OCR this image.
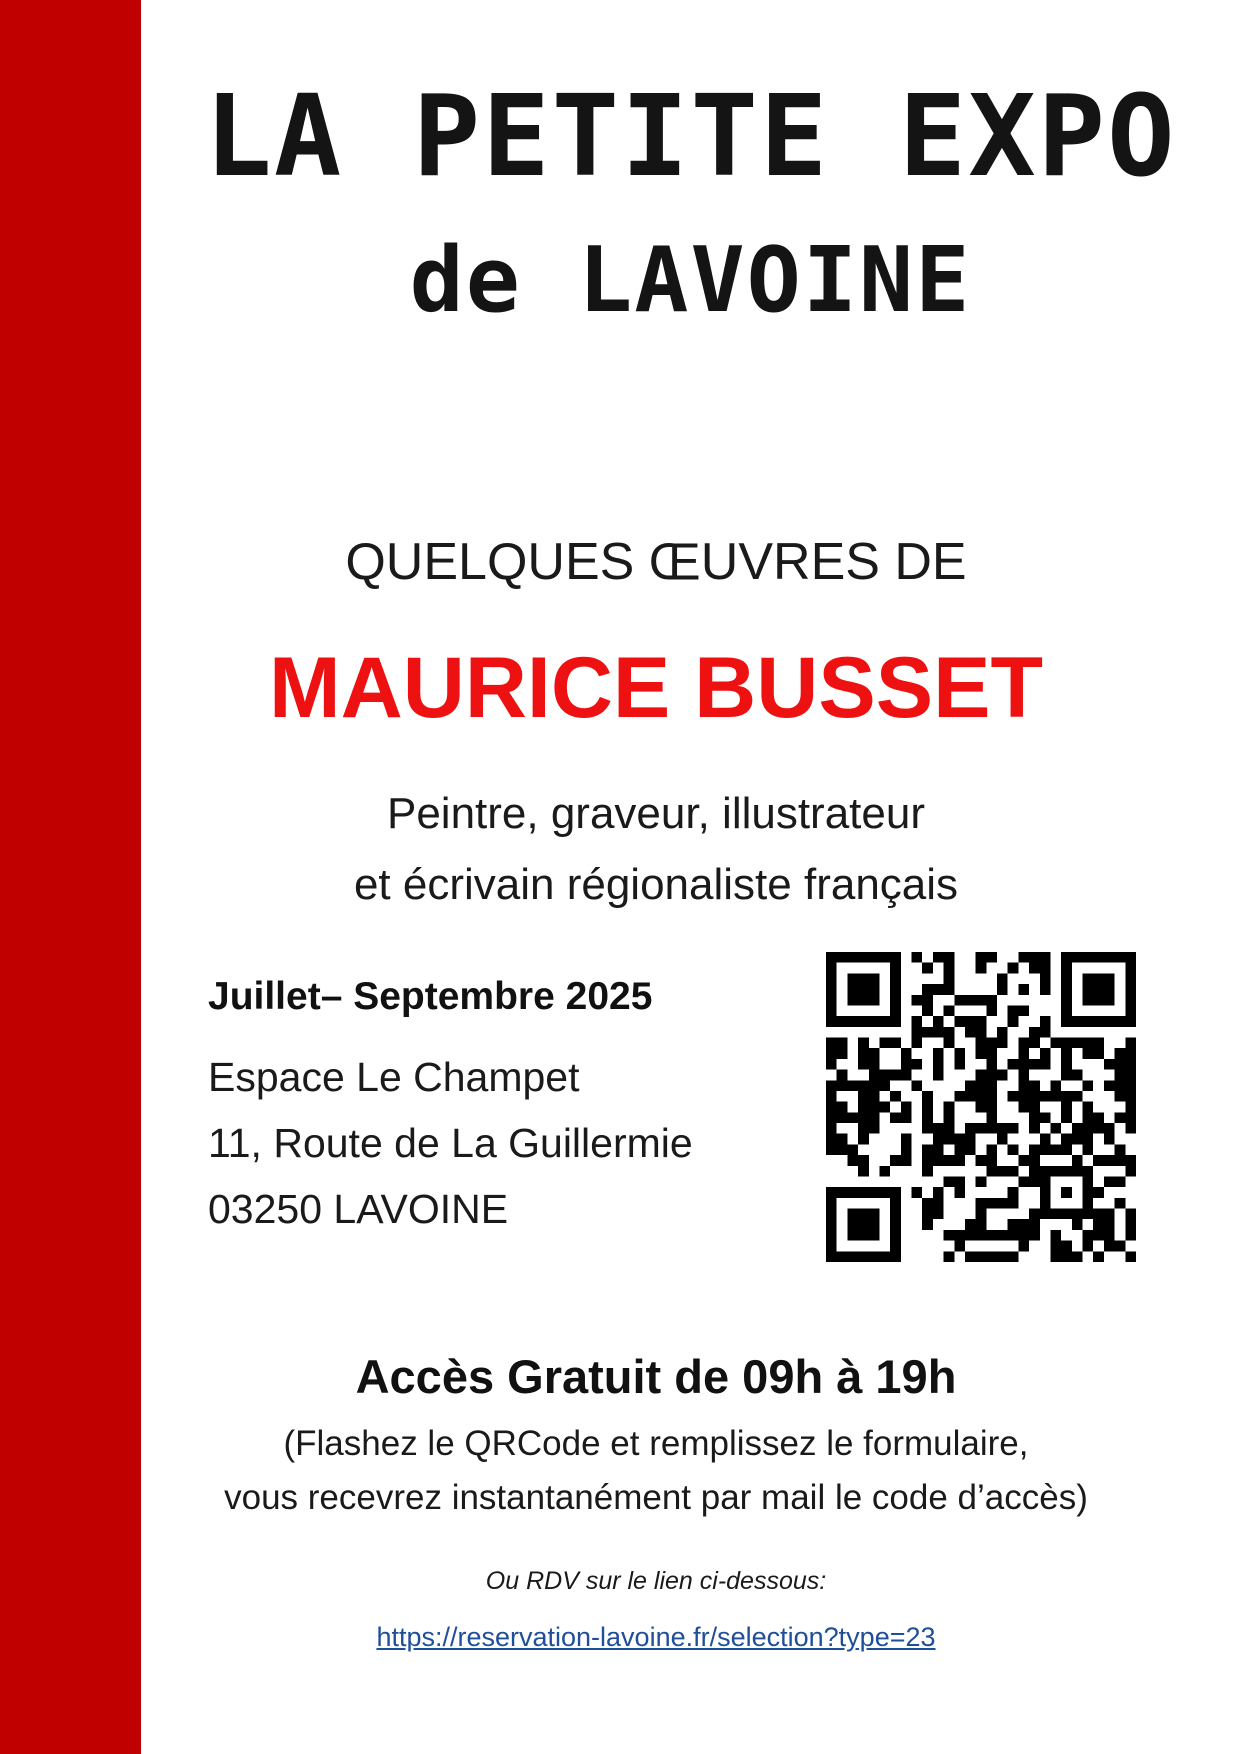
LA PETITE EXPO
de LAVOINE
QUELQUES ŒUVRES DE
MAURICE BUSSET
Peintre, graveur, illustrateur
et écrivain régionaliste français
Juillet– Septembre 2025
Espace Le Champet
11, Route de La Guillermie
03250 LAVOINE
Accès Gratuit de 09h à 19h
(Flashez le QRCode et remplissez le formulaire,
vous recevrez instantanément par mail le code d’accès)
Ou RDV sur le lien ci-dessous:
https://reservation-lavoine.fr/selection?type=23
